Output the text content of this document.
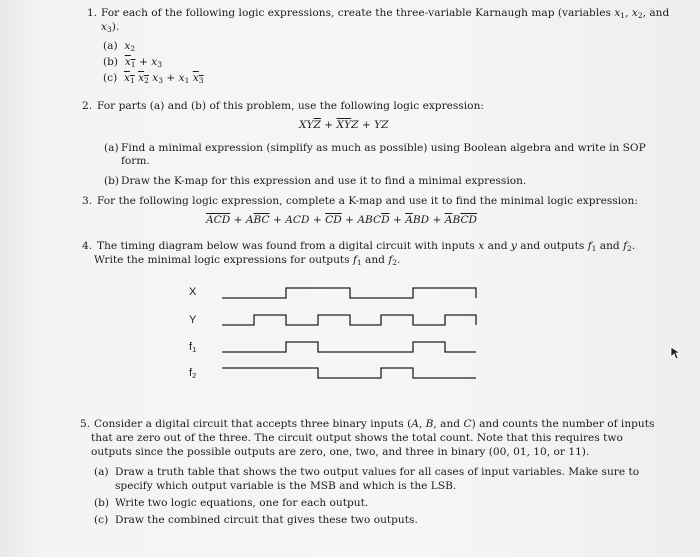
1. For each of the following logic expressions, create the three-variable Karnaugh map (variables $x_1$, $x_2$, and
$x_3$).
(a) $x_2$
(b) $x_1 + x_3$
(c) $x_1$ $x_2$ $x_3 + x_1$ $x_3$
2. For parts (a) and (b) of this problem, use the following logic expression:
$XY\overline{Z} + \overline{X}\overline{Y}Z$ + YZ
(a) Find a minimal expression (simplify as much as possible) using Boolean algebra and write in SOP
form.
(b) Draw the K-map for this expression and use it to find a minimal expression.
3. For the following logic expression, complete a K-map and use it to find the minimal logic expression:
$\overline{ACD} + A\overline{BC}$ + ACD + $\overline{CD} + ABC\overline{D} + \overline{A}BD + \overline{A}B\overline{CD}$
4. The timing diagram below was found from a digital circuit with inputs x and y and outputs $f_1$ and $f_2$.
Write the minimal logic expressions for outputs $f_1$ and $f_2$.
X
Y
$f_1$
$f_2$
5. Consider a digital circuit that accepts three binary inputs (A, B, and C) and counts the number of inputs
that are zero out of the three. The circuit output shows the total count. Note that this requires two
outputs since the possible outputs are zero, one, two, and three in binary (00, 01, 10, or 11).
(a) Draw a truth table that shows the two output values for all cases of input variables. Make sure to
specify which output variable is the MSB and which is the LSB.
(b) Write two logic equations, one for each output.
(c) Draw the combined circuit that gives these two outputs.
